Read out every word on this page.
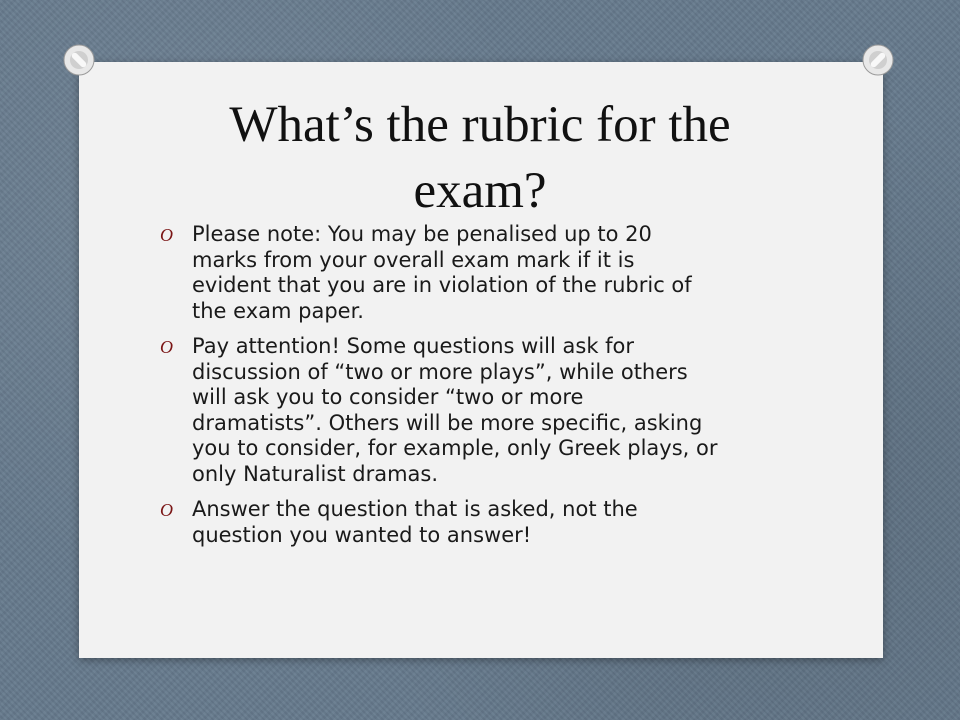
What’s the rubric for the
exam?
O Please note: You may be penalised up to 20
marks from your overall exam mark if it is
evident that you are in violation of the rubric of
the exam paper.
O Pay attention! Some questions will ask for
discussion of “two or more plays”, while others
will ask you to consider “two or more
dramatists”. Others will be more specific, asking
you to consider, for example, only Greek plays, or
only Naturalist dramas.
O Answer the question that is asked, not the
question you wanted to answer!
